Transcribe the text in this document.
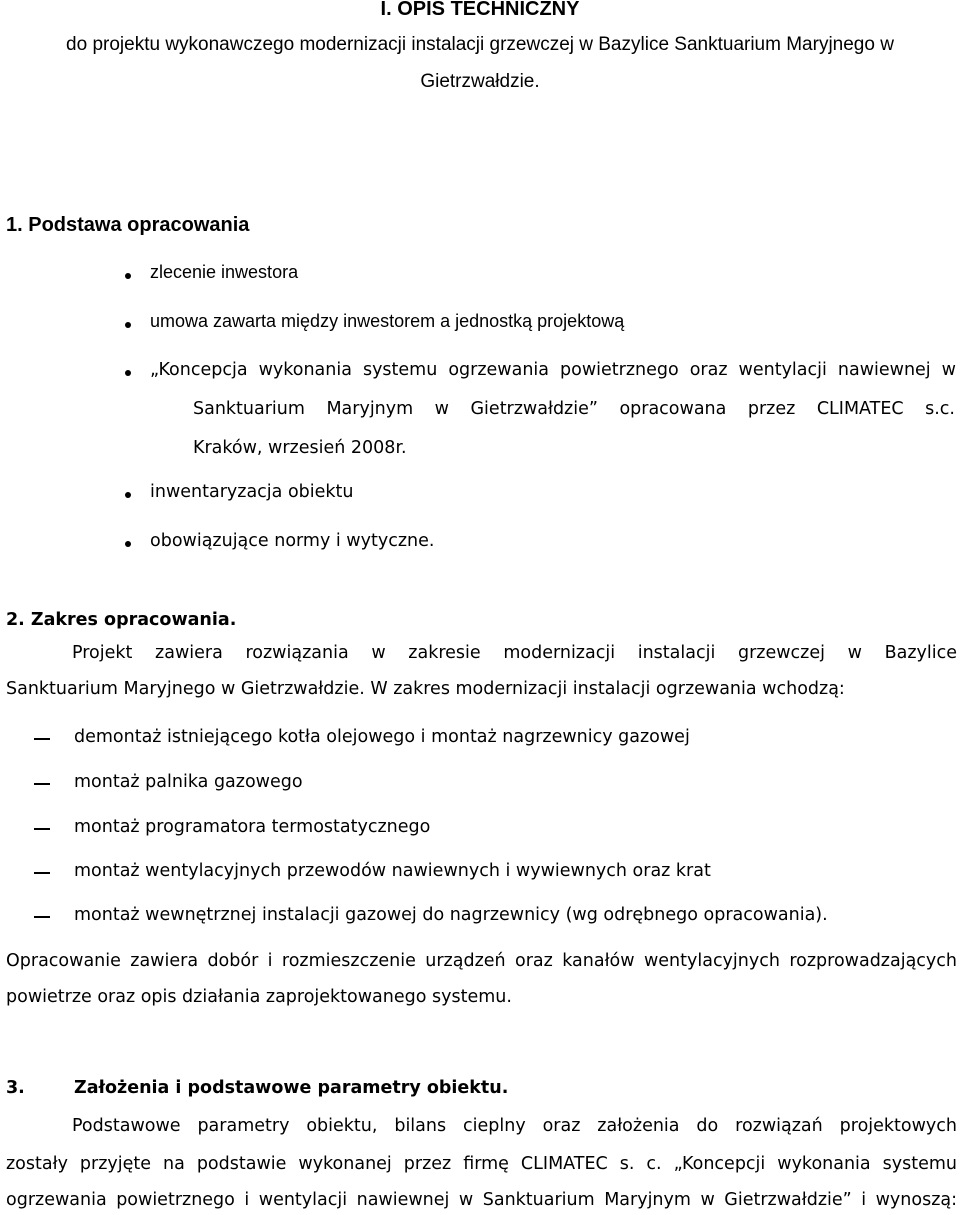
I. OPIS TECHNICZNY
do projektu wykonawczego modernizacji instalacji grzewczej w Bazylice Sanktuarium Maryjnego w
Gietrzwałdzie.
1. Podstawa opracowania
zlecenie inwestora
umowa zawarta między inwestorem a jednostką projektową
„Koncepcja wykonania systemu ogrzewania powietrznego oraz wentylacji nawiewnej w
Sanktuarium Maryjnym w Gietrzwałdzie” opracowana przez CLIMATEC s.c.
Kraków, wrzesień 2008r.
inwentaryzacja obiektu
obowiązujące normy i wytyczne.
2. Zakres opracowania.
Projekt zawiera rozwiązania w zakresie modernizacji instalacji grzewczej w Bazylice
Sanktuarium Maryjnego w Gietrzwałdzie. W zakres modernizacji instalacji ogrzewania wchodzą:
demontaż istniejącego kotła olejowego i montaż nagrzewnicy gazowej
montaż palnika gazowego
montaż programatora termostatycznego
montaż wentylacyjnych przewodów nawiewnych i wywiewnych oraz krat
montaż wewnętrznej instalacji gazowej do nagrzewnicy (wg odrębnego opracowania).
Opracowanie zawiera dobór i rozmieszczenie urządzeń oraz kanałów wentylacyjnych rozprowadzających
powietrze oraz opis działania zaprojektowanego systemu.
3.	Założenia i podstawowe parametry obiektu.
Podstawowe parametry obiektu, bilans cieplny oraz założenia do rozwiązań projektowych
zostały przyjęte na podstawie wykonanej przez firmę CLIMATEC s. c. „Koncepcji wykonania systemu
ogrzewania powietrznego i wentylacji nawiewnej w Sanktuarium Maryjnym w Gietrzwałdzie” i wynoszą:
